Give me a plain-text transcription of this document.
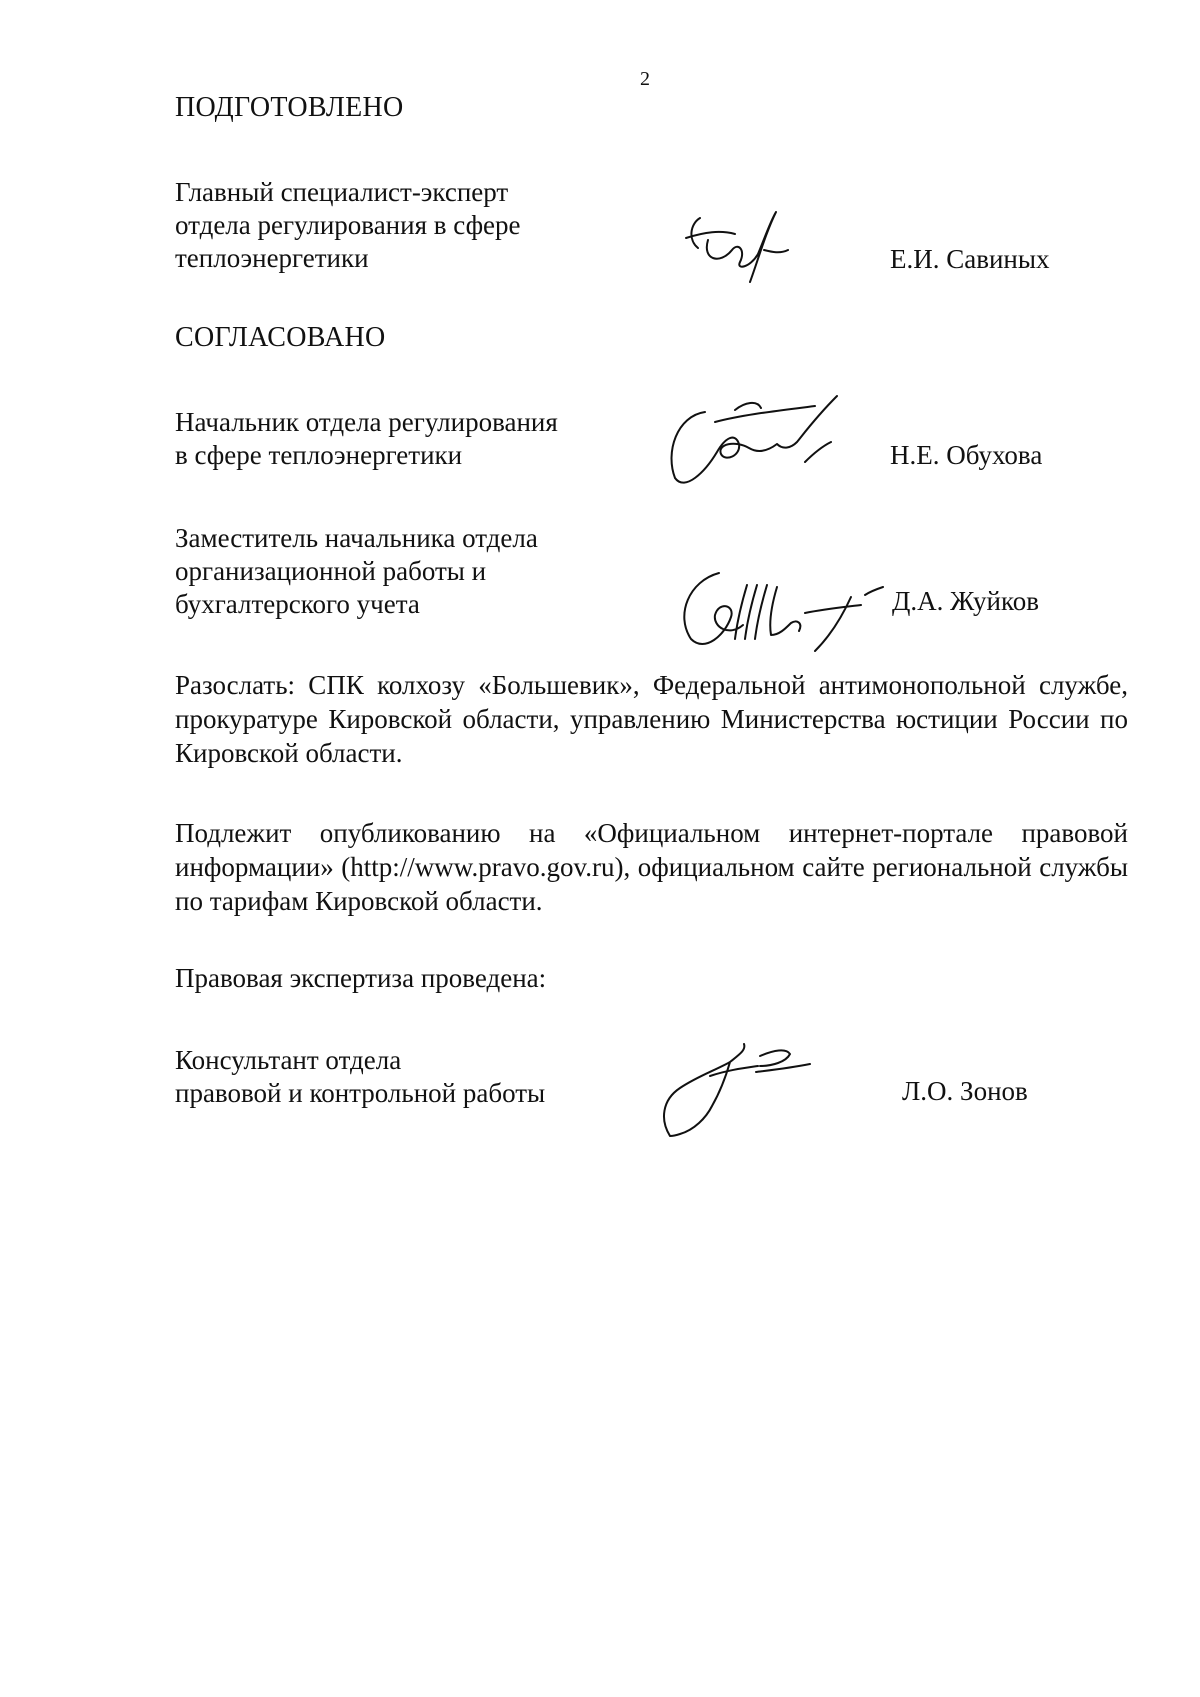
2
ПОДГОТОВЛЕНО
Главный специалист-эксперт
отдела регулирования в сфере
теплоэнергетики	Е.И. Савиных
СОГЛАСОВАНО
Начальник отдела регулирования
в сфере теплоэнергетики	Н.Е. Обухова
Заместитель начальника отдела
организационной работы и
бухгалтерского учета	Д.А. Жуйков
Разослать: СПК колхозу «Большевик», Федеральной антимонопольной службе, прокуратуре Кировской области, управлению Министерства юстиции России по Кировской области.
Подлежит опубликованию на «Официальном интернет-портале правовой информации» (http://www.pravo.gov.ru), официальном сайте региональной службы по тарифам Кировской области.
Правовая экспертиза проведена:
Консультант отдела
правовой и контрольной работы	Л.О. Зонов
